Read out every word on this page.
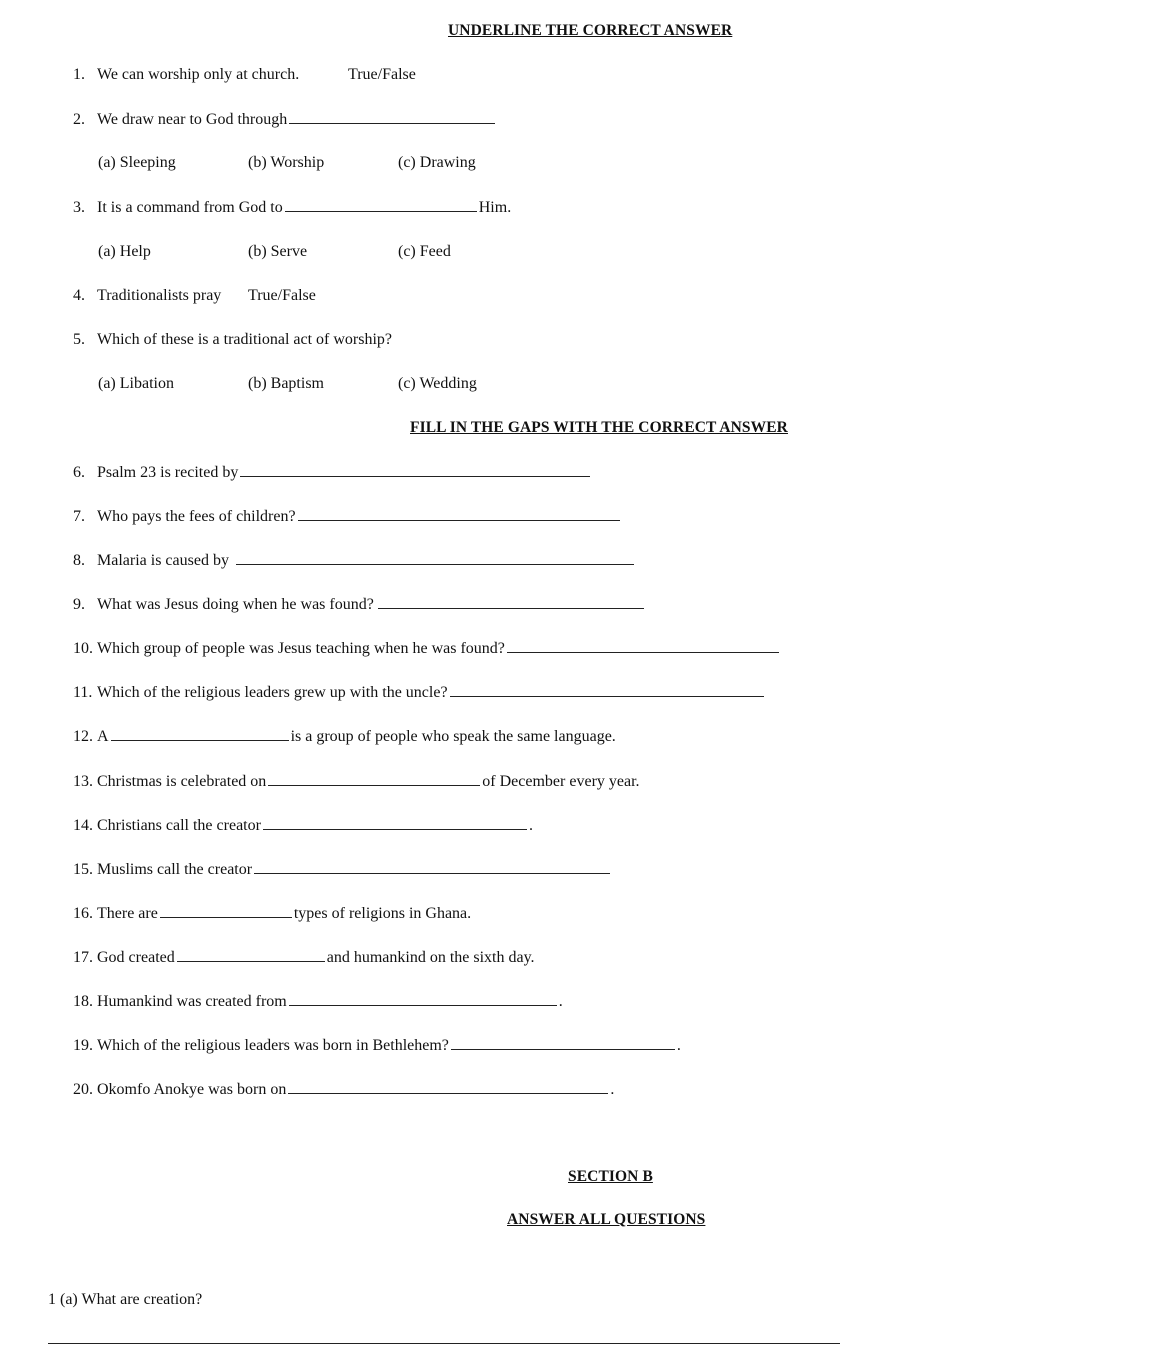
UNDERLINE THE CORRECT ANSWER
1. We can worship only at church.	True/False
2. We draw near to God through
(a) Sleeping	(b) Worship	(c) Drawing
3. It is a command from God to	Him.
(a) Help	(b) Serve	(c) Feed
4. Traditionalists pray True/False
5. Which of these is a traditional act of worship?
(a) Libation	(b) Baptism	(c) Wedding
FILL IN THE GAPS WITH THE CORRECT ANSWER
6. Psalm 23 is recited by
7. Who pays the fees of children?
8. Malaria is caused by
9. What was Jesus doing when he was found?
10. Which group of people was Jesus teaching when he was found?
11. Which of the religious leaders grew up with the uncle?
12. A	is a group of people who speak the same language.
13. Christmas is celebrated on	of December every year.
14. Christians call the creator	.
15. Muslims call the creator
16. There are	types of religions in Ghana.
17. God created	and humankind on the sixth day.
18. Humankind was created from	.
19. Which of the religious leaders was born in Bethlehem?	.
20. Okomfo Anokye was born on	.
SECTION B
ANSWER ALL QUESTIONS
1 (a) What are creation?
